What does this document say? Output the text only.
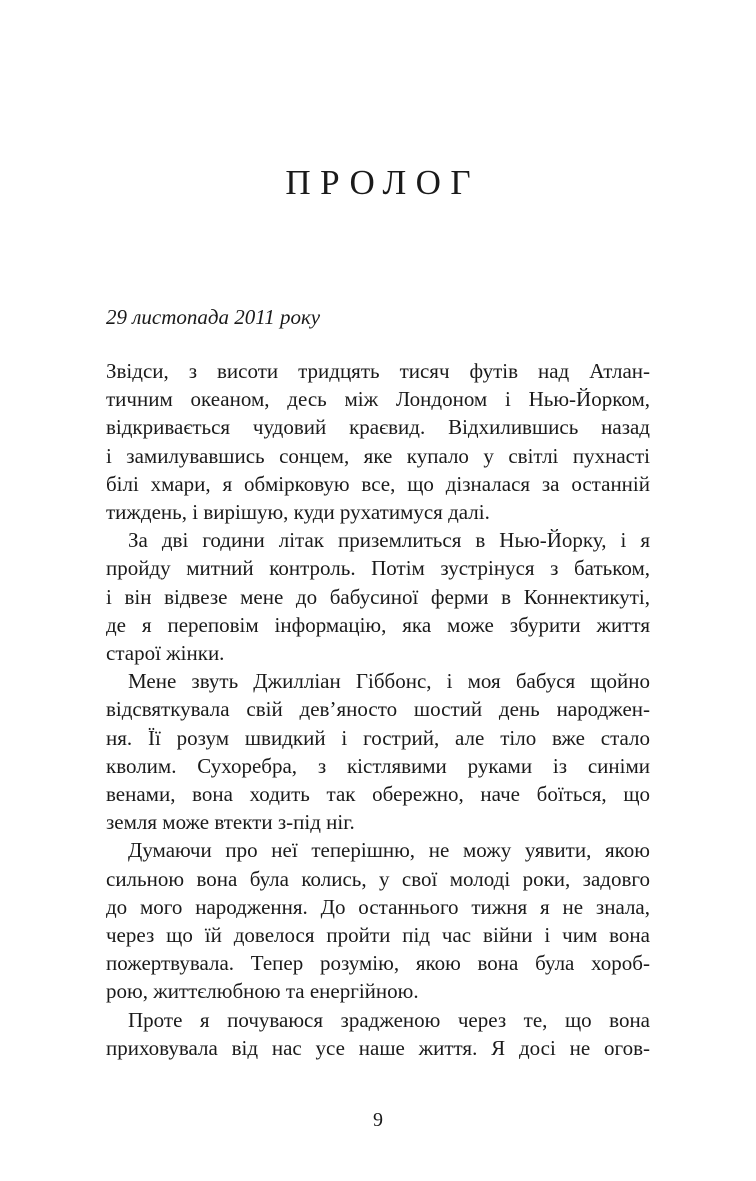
ПРОЛОГ
29 листопада 2011 року
Звідси, з висоти тридцять тисяч футів над Атлан-
тичним океаном, десь між Лондоном і Нью-Йорком,
відкривається чудовий краєвид. Відхилившись назад
і замилувавшись сонцем, яке купало у світлі пухнасті
білі хмари, я обмірковую все, що дізналася за останній
тиждень, і вирішую, куди рухатимуся далі.
За дві години літак приземлиться в Нью-Йорку, і я
пройду митний контроль. Потім зустрінуся з батьком,
і він відвезе мене до бабусиної ферми в Коннектикуті,
де я переповім інформацію, яка може збурити життя
старої жінки.
Мене звуть Джилліан Гіббонс, і моя бабуся щойно
відсвяткувала свій дев’яносто шостий день народжен-
ня. Її розум швидкий і гострий, але тіло вже стало
кволим. Сухоребра, з кістлявими руками із синіми
венами, вона ходить так обережно, наче боїться, що
земля може втекти з-під ніг.
Думаючи про неї теперішню, не можу уявити, якою
сильною вона була колись, у свої молоді роки, задовго
до мого народження. До останнього тижня я не знала,
через що їй довелося пройти під час війни і чим вона
пожертвувала. Тепер розумію, якою вона була хороб-
рою, життєлюбною та енергійною.
Проте я почуваюся зрадженою через те, що вона
приховувала від нас усе наше життя. Я досі не огов-
9
